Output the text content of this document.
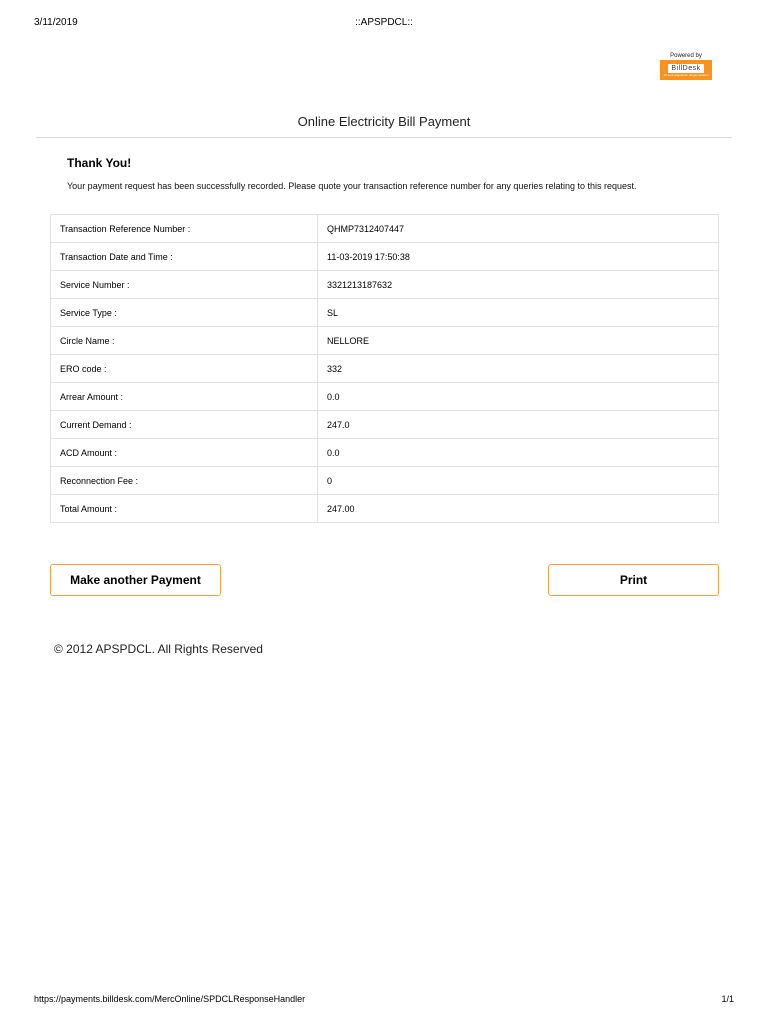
3/11/2019	::APSPDCL::
Powered by
BillDesk
All your payments. Single location
Online Electricity Bill Payment
Thank You!
Your payment request has been successfully recorded. Please quote your transaction reference number for any queries relating to this request.
Transaction Reference Number :	QHMP7312407447
Transaction Date and Time :	11-03-2019 17:50:38
Service Number :	3321213187632
Service Type :	SL
Circle Name :	NELLORE
ERO code :	332
Arrear Amount :	0.0
Current Demand :	247.0
ACD Amount :	0.0
Reconnection Fee :	0
Total Amount :	247.00
Make another Payment	Print
© 2012 APSPDCL. All Rights Reserved
https://payments.billdesk.com/MercOnline/SPDCLResponseHandler	1/1
